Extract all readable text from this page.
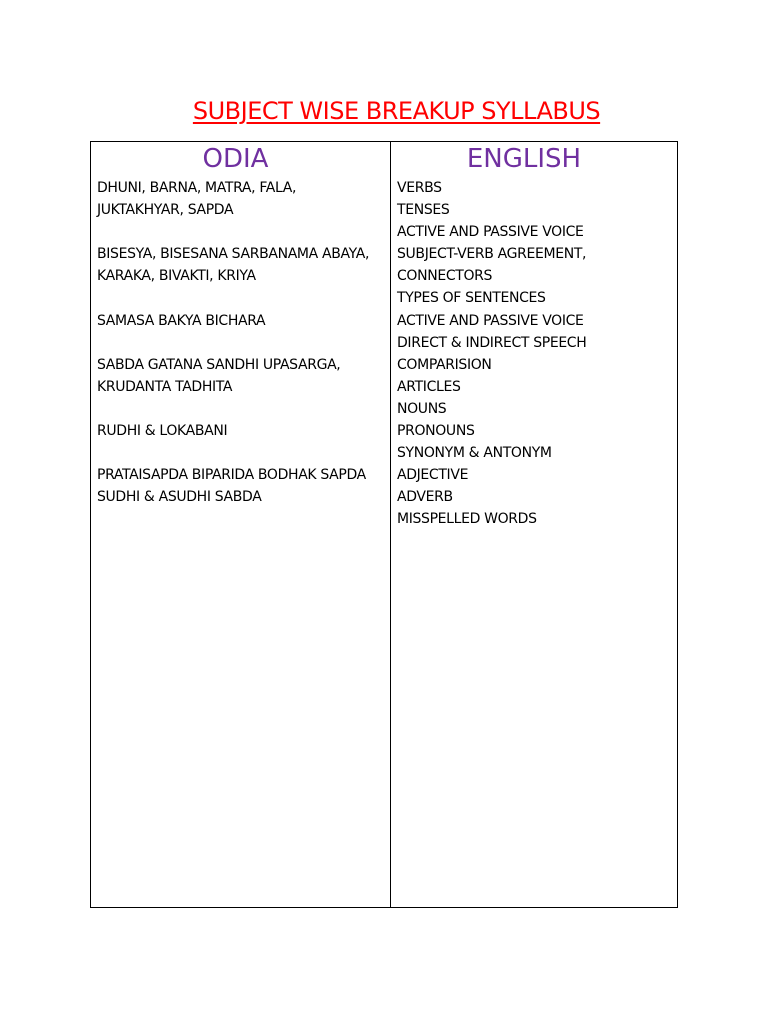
SUBJECT WISE BREAKUP SYLLABUS
ODIA
DHUNI, BARNA, MATRA, FALA,
JUKTAKHYAR, SAPDA
BISESYA, BISESANA SARBANAMA ABAYA,
KARAKA, BIVAKTI, KRIYA
SAMASA BAKYA BICHARA
SABDA GATANA SANDHI UPASARGA,
KRUDANTA TADHITA
RUDHI & LOKABANI
PRATAISAPDA BIPARIDA BODHAK SAPDA
SUDHI & ASUDHI SABDA
ENGLISH
VERBS
TENSES
ACTIVE AND PASSIVE VOICE
SUBJECT-VERB AGREEMENT,
CONNECTORS
TYPES OF SENTENCES
ACTIVE AND PASSIVE VOICE
DIRECT & INDIRECT SPEECH
COMPARISION
ARTICLES
NOUNS
PRONOUNS
SYNONYM & ANTONYM
ADJECTIVE
ADVERB
MISSPELLED WORDS
